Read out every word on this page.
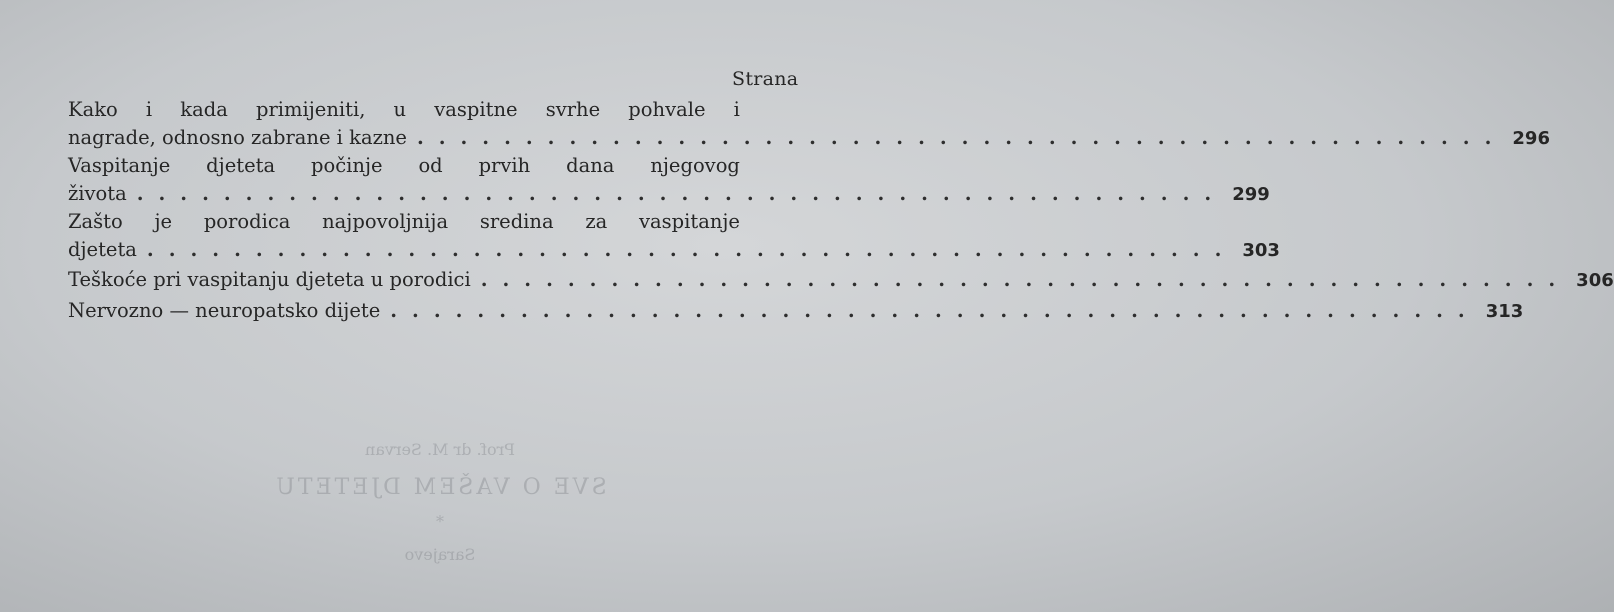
Strana
Kako i kada primijeniti, u vaspitne svrhe pohvale i
nagrade, odnosno zabrane i kazne .................................................. 296
Vaspitanje djeteta počinje od prvih dana njegovog
života .................................................. 299
Zašto je porodica najpovoljnija sredina za vaspitanje
djeteta .................................................. 303
Teškoće pri vaspitanju djeteta u porodici .................................................. 306
Nervozno — neuropatsko dijete .................................................. 313
Prof. dr M. Servan
SVE O VAŠEM DJETETU
*
Sarajevo
